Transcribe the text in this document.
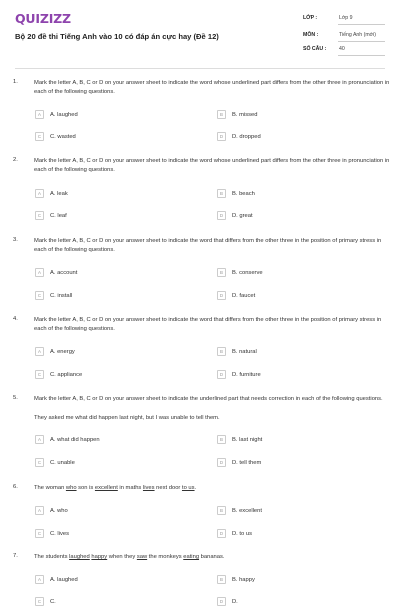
QUIZIZZ
Bộ 20 đề thi Tiếng Anh vào 10 có đáp án cực hay (Đề 12)
LỚP :	Lớp 9
MÔN :	Tiếng Anh (mới)
SỐ CÂU : 40
1.	Mark the letter A, B, C or D on your answer sheet to indicate the word whose underlined part differs from the other three in pronunciation in each of the following questions.
A	A. laughed	B	B. missed
C	C. wasted	D	D. dropped
2.	Mark the letter A, B, C or D on your answer sheet to indicate the word whose underlined part differs from the other three in pronunciation in each of the following questions.
A	A. leak	B	B. beach
C	C. leaf	D	D. great
3.	Mark the letter A, B, C or D on your answer sheet to indicate the word that differs from the other three in the position of primary stress in each of the following questions.
A	A. account	B	B. conserve
C	C. install	D	D. faucet
4.	Mark the letter A, B, C or D on your answer sheet to indicate the word that differs from the other three in the position of primary stress in each of the following questions.
A	A. energy	B	B. natural
C	C. appliance	D	D. furniture
5.	Mark the letter A, B, C or D on your answer sheet to indicate the underlined part that needs correction in each of the following questions.
They asked me what did happen last night, but I was unable to tell them.
A	A. what did happen	B	B. last night
C	C. unable	D	D. tell them
6.	The woman who son is excellent in maths lives next door to us.
A	A. who	B	B. excellent
C	C. lives	D	D. to us
7.	The students laughed happy when they saw the monkeys eating bananas.
A	A. laughed	B	B. happy
C	C.	D	D.
